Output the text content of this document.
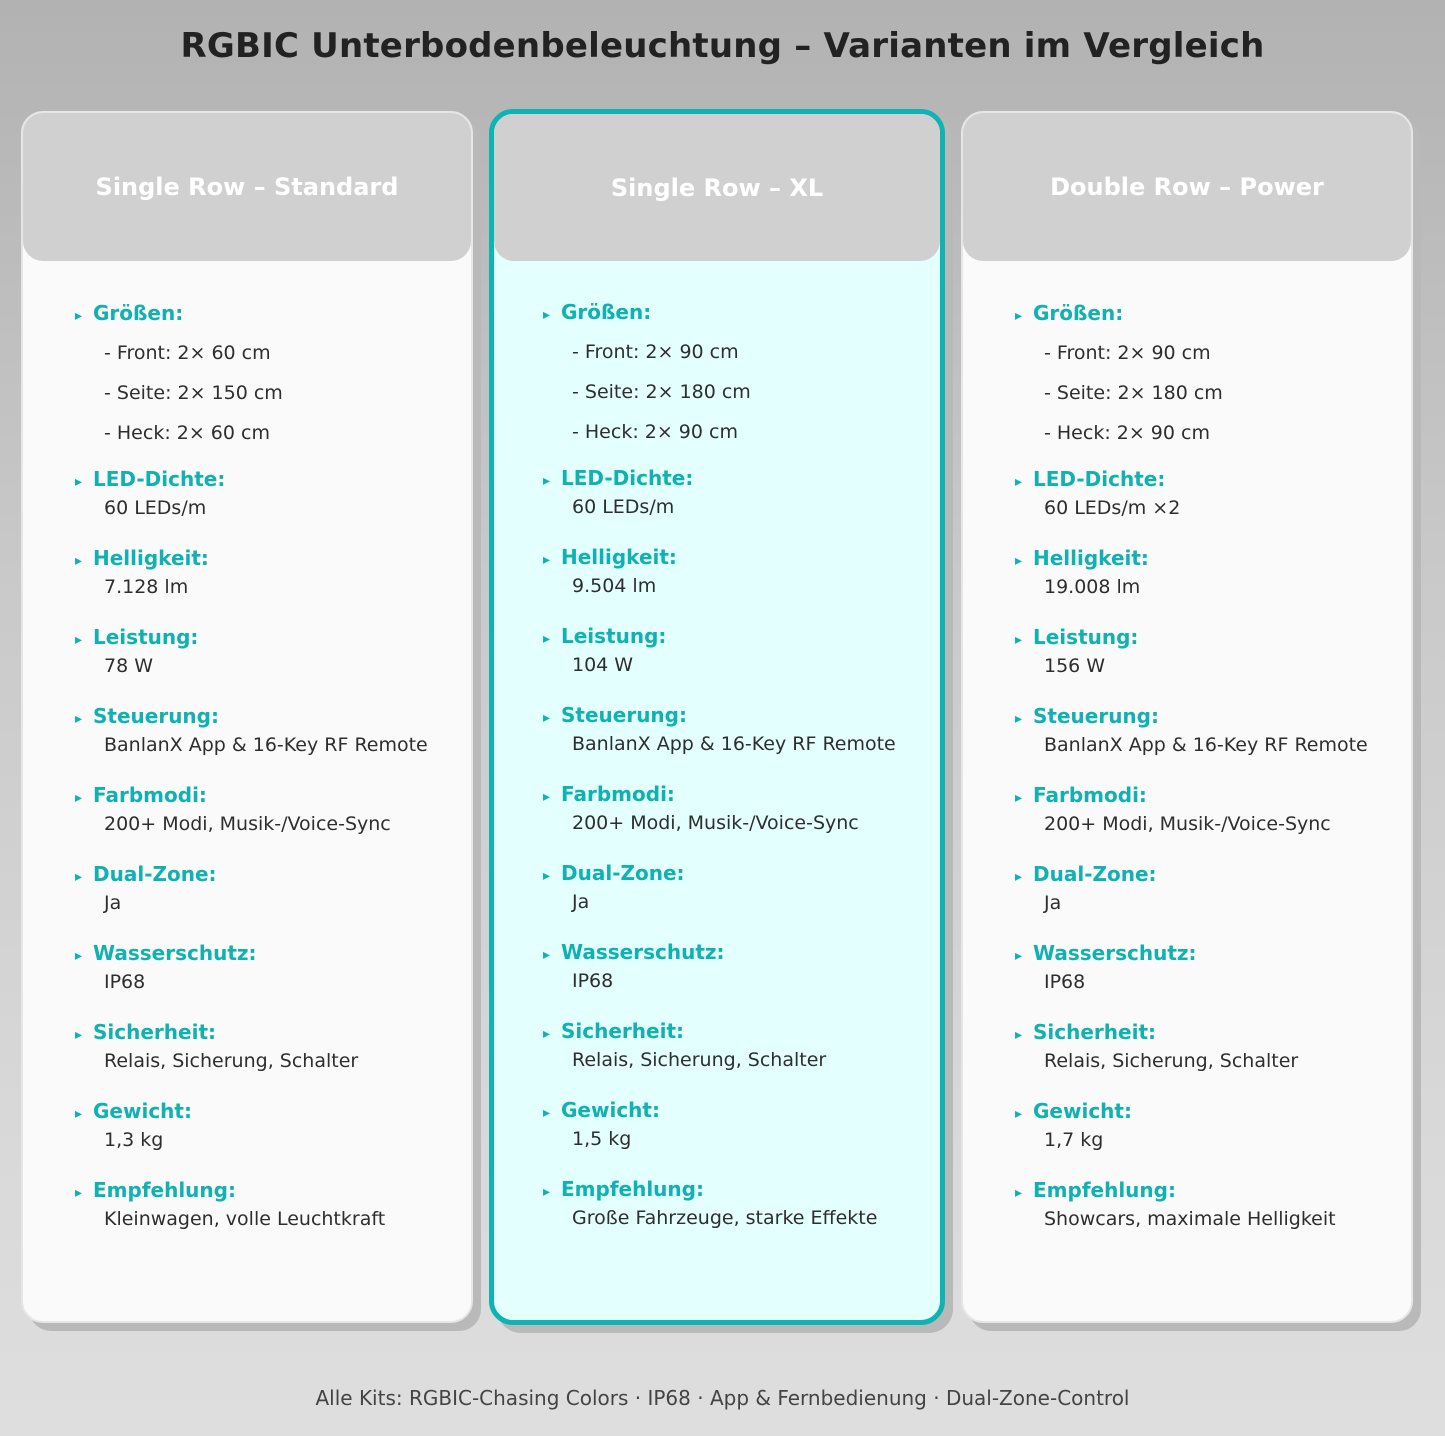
RGBIC Unterbodenbeleuchtung – Varianten im Vergleich
Single Row – Standard
▸ Größen:
- Front: 2× 60 cm
- Seite: 2× 150 cm
- Heck: 2× 60 cm
▸ LED-Dichte:
60 LEDs/m
▸ Helligkeit:
7.128 lm
▸ Leistung:
78 W
▸ Steuerung:
BanlanX App & 16-Key RF Remote
▸ Farbmodi:
200+ Modi, Musik-/Voice-Sync
▸ Dual-Zone:
Ja
▸ Wasserschutz:
IP68
▸ Sicherheit:
Relais, Sicherung, Schalter
▸ Gewicht:
1,3 kg
▸ Empfehlung:
Kleinwagen, volle Leuchtkraft
Single Row – XL
▸ Größen:
- Front: 2× 90 cm
- Seite: 2× 180 cm
- Heck: 2× 90 cm
▸ LED-Dichte:
60 LEDs/m
▸ Helligkeit:
9.504 lm
▸ Leistung:
104 W
▸ Steuerung:
BanlanX App & 16-Key RF Remote
▸ Farbmodi:
200+ Modi, Musik-/Voice-Sync
▸ Dual-Zone:
Ja
▸ Wasserschutz:
IP68
▸ Sicherheit:
Relais, Sicherung, Schalter
▸ Gewicht:
1,5 kg
▸ Empfehlung:
Große Fahrzeuge, starke Effekte
Double Row – Power
▸ Größen:
- Front: 2× 90 cm
- Seite: 2× 180 cm
- Heck: 2× 90 cm
▸ LED-Dichte:
60 LEDs/m ×2
▸ Helligkeit:
19.008 lm
▸ Leistung:
156 W
▸ Steuerung:
BanlanX App & 16-Key RF Remote
▸ Farbmodi:
200+ Modi, Musik-/Voice-Sync
▸ Dual-Zone:
Ja
▸ Wasserschutz:
IP68
▸ Sicherheit:
Relais, Sicherung, Schalter
▸ Gewicht:
1,7 kg
▸ Empfehlung:
Showcars, maximale Helligkeit
Alle Kits: RGBIC-Chasing Colors · IP68 · App & Fernbedienung · Dual-Zone-Control
